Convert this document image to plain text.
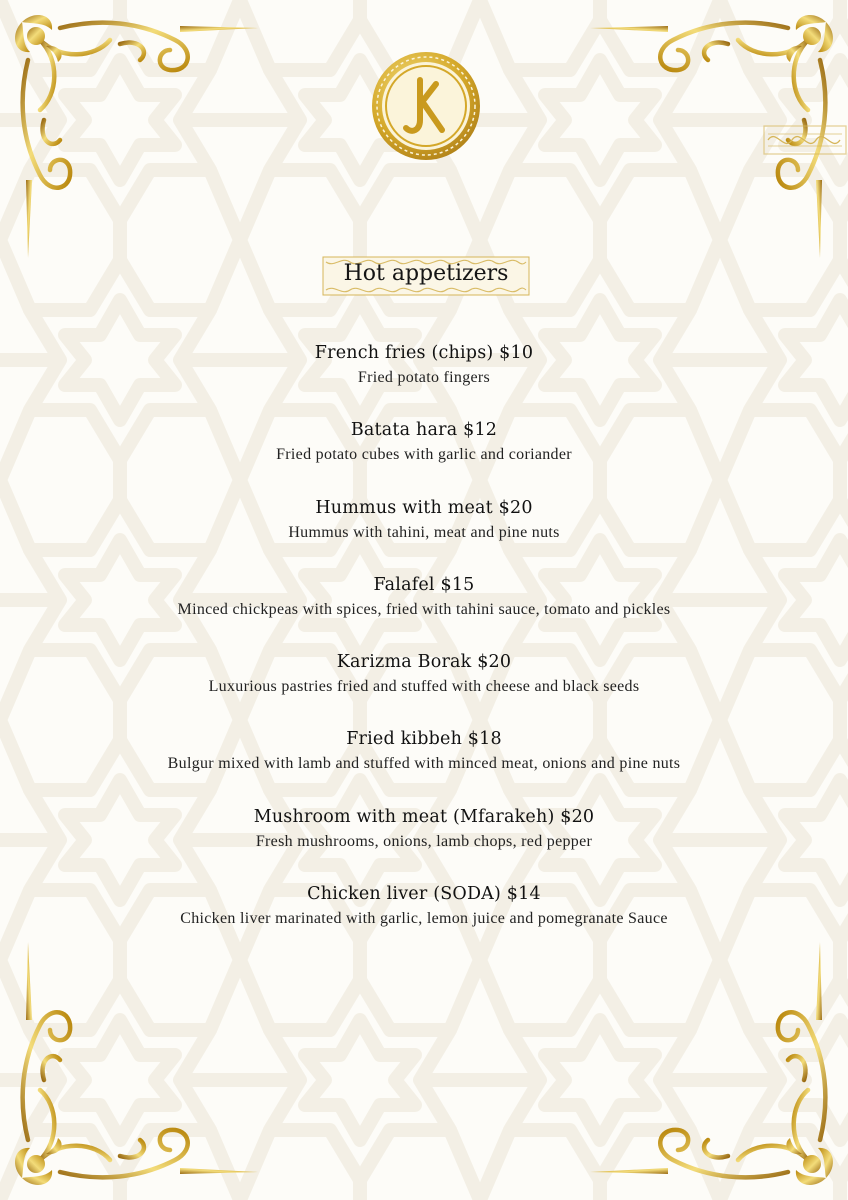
Hot appetizers
French fries (chips) $10
Fried potato fingers
Batata hara $12
Fried potato cubes with garlic and coriander
Hummus with meat $20
Hummus with tahini, meat and pine nuts
Falafel $15
Minced chickpeas with spices, fried with tahini sauce, tomato and pickles
Karizma Borak $20
Luxurious pastries fried and stuffed with cheese and black seeds
Fried kibbeh $18
Bulgur mixed with lamb and stuffed with minced meat, onions and pine nuts
Mushroom with meat (Mfarakeh) $20
Fresh mushrooms, onions, lamb chops, red pepper
Chicken liver (SODA) $14
Chicken liver marinated with garlic, lemon juice and pomegranate Sauce
